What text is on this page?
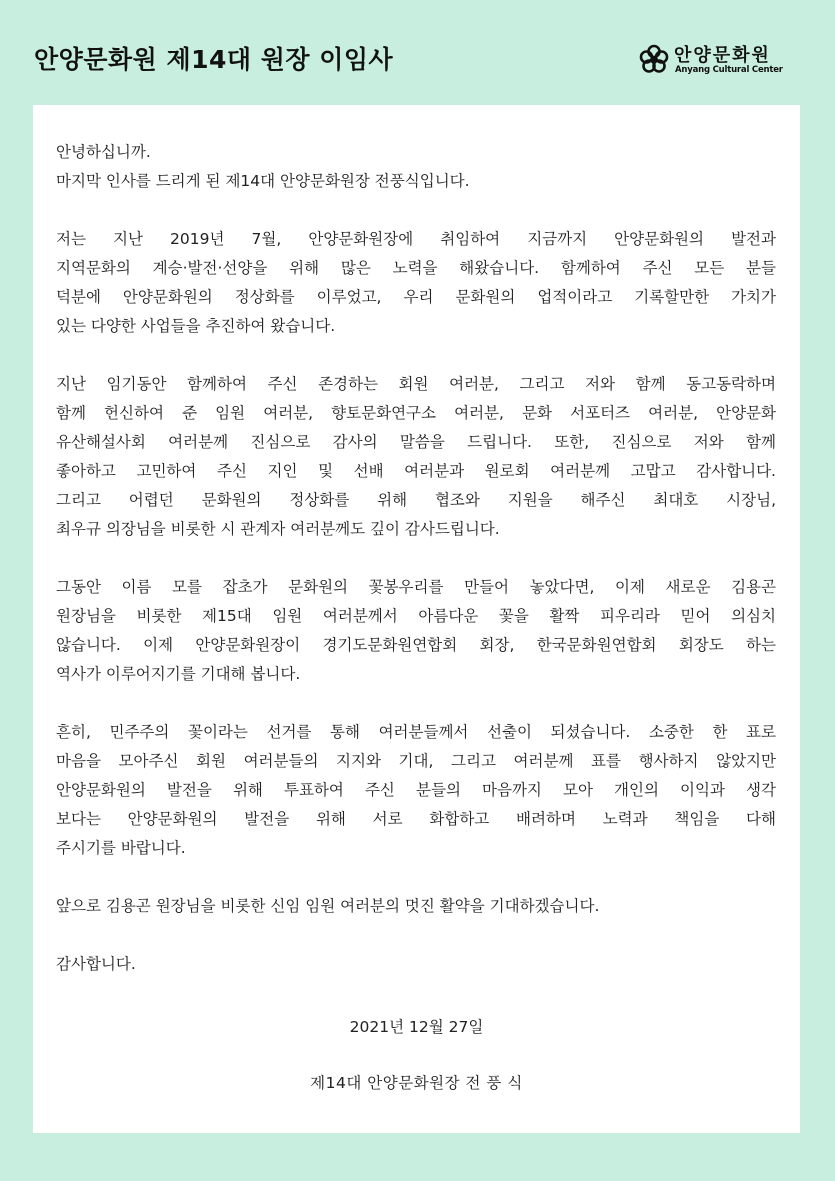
안양문화원 제14대 원장 이임사	안양문화원
Anyang Cultural Center
안녕하십니까.
마지막 인사를 드리게 된 제14대 안양문화원장 전풍식입니다.
저는 지난 2019년 7월, 안양문화원장에 취임하여 지금까지 안양문화원의 발전과
지역문화의 계승·발전·선양을 위해 많은 노력을 해왔습니다. 함께하여 주신 모든 분들
덕분에 안양문화원의 정상화를 이루었고, 우리 문화원의 업적이라고 기록할만한 가치가
있는 다양한 사업들을 추진하여 왔습니다.
지난 임기동안 함께하여 주신 존경하는 회원 여러분, 그리고 저와 함께 동고동락하며
함께 헌신하여 준 임원 여러분, 향토문화연구소 여러분, 문화 서포터즈 여러분, 안양문화
유산해설사회 여러분께 진심으로 감사의 말씀을 드립니다. 또한, 진심으로 저와 함께
좋아하고 고민하여 주신 지인 및 선배 여러분과 원로회 여러분께 고맙고 감사합니다.
그리고 어렵던 문화원의 정상화를 위해 협조와 지원을 해주신 최대호 시장님,
최우규 의장님을 비롯한 시 관계자 여러분께도 깊이 감사드립니다.
그동안 이름 모를 잡초가 문화원의 꽃봉우리를 만들어 놓았다면, 이제 새로운 김용곤
원장님을 비롯한 제15대 임원 여러분께서 아름다운 꽃을 활짝 피우리라 믿어 의심치
않습니다. 이제 안양문화원장이 경기도문화원연합회 회장, 한국문화원연합회 회장도 하는
역사가 이루어지기를 기대해 봅니다.
흔히, 민주주의 꽃이라는 선거를 통해 여러분들께서 선출이 되셨습니다. 소중한 한 표로
마음을 모아주신 회원 여러분들의 지지와 기대, 그리고 여러분께 표를 행사하지 않았지만
안양문화원의 발전을 위해 투표하여 주신 분들의 마음까지 모아 개인의 이익과 생각
보다는 안양문화원의 발전을 위해 서로 화합하고 배려하며 노력과 책임을 다해
주시기를 바랍니다.
앞으로 김용곤 원장님을 비롯한 신임 임원 여러분의 멋진 활약을 기대하겠습니다.
감사합니다.
2021년 12월 27일
제14대 안양문화원장 전 풍 식
